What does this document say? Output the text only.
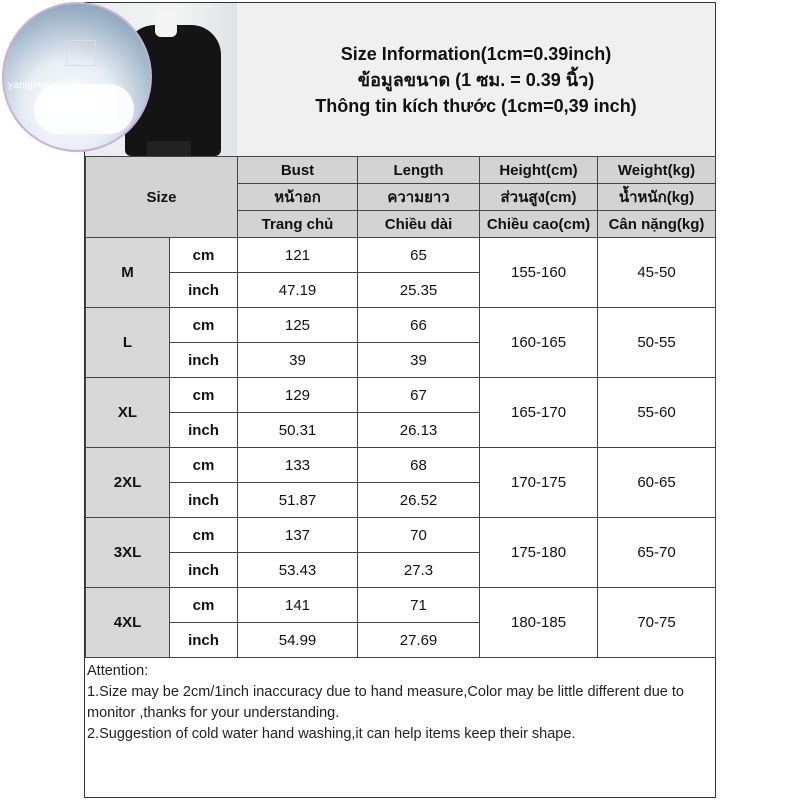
Size Information(1cm=0.39inch)
ข้อมูลขนาด (1 ซม. = 0.39 นิ้ว)
Thông tin kích thước (1cm=0,39 inch)
Size		Bust	Length	Height(cm)	Weight(kg)
		หน้าอก	ความยาว	ส่วนสูง(cm)	น้ำหนัก(kg)
		Trang chủ	Chiều dài	Chiều cao(cm)	Cân nặng(kg)
M	cm	121	65	155-160	45-50
	inch	47.19	25.35		
L	cm	125	66	160-165	50-55
	inch	39	39		
XL	cm	129	67	165-170	55-60
	inch	50.31	26.13		
2XL	cm	133	68	170-175	60-65
	inch	51.87	26.52		
3XL	cm	137	70	175-180	65-70
	inch	53.43	27.3		
4XL	cm	141	71	180-185	70-75
	inch	54.99	27.69		

Attention:

1.Size may be 2cm/1inch inaccuracy due to hand measure,Color may be little different due to monitor ,thanks for your understanding.

2.Suggestion of cold water hand washing,it can help items keep their shape.

yangjingwen003
